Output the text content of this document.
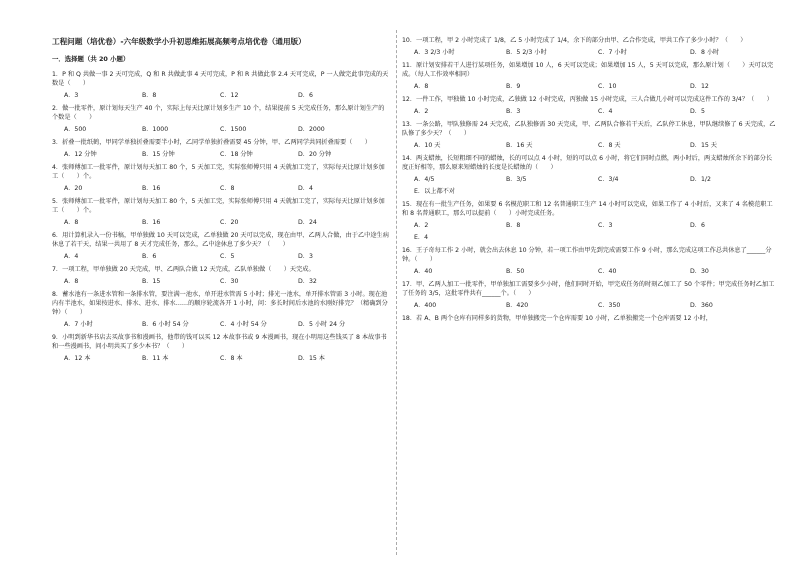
工程问题（培优卷）-六年级数学小升初思维拓展高频考点培优卷（通用版）
一．选择题（共 20 小题）
1．P 和 Q 共做一事 2 天可完成，Q 和 R 共做此事 4 天可完成，P 和 R 共做此事 2.4 天可完成，P 一人做完此事完成的天数是（　　）
A．3	B．8	C．12	D．6
2．做一批零件，原计划每天生产 40 个，实际上每天比原计划多生产 10 个，结果提前 5 天完成任务，那么原计划生产的个数是（　　）
A．500	B．1000	C．1500	D．2000
3．折叠一批纸鹤，甲同学单独折叠需要半小时，乙同学单独折叠需要 45 分钟，甲、乙两同学共同折叠需要（　　）
A．12 分钟	B．15 分钟	C．18 分钟	D．20 分钟
4．张师傅加工一批零件，原计划每天加工 80 个，5 天加工完，实际张师傅只用 4 天就加工完了，实际每天比原计划多加工（　　）个。
A．20	B．16	C．8	D．4
5．张师傅加工一批零件，原计划每天加工 80 个，5 天加工完，实际张师傅只用 4 天就加工完了，实际每天比原计划多加工（　　）个。
A．8	B．16	C．20	D．24
6．用计算机录入一份书稿，甲单独做 10 天可以完成，乙单独做 20 天可以完成，现在由甲、乙两人合做，由于乙中途生病休息了若干天，结果一共用了 8 天才完成任务，那么，乙中途休息了多少天？（　　）
A．4	B．6	C．5	D．3
7．一项工程，甲单独做 20 天完成，甲、乙两队合做 12 天完成，乙队单独做（　　）天完成。
A．8	B．15	C．30	D．32
8．蓄水池有一条进水管和一条排水管，要注满一池水，单开进水管需 5 小时；排光一池水，单开排水管需 3 小时。现在池内有半池水，如果按进水、排水、进水、排水……的顺序轮流各开 1 小时，问：多长时间后水池的水刚好排完？（精确到分钟）（　　）
A．7 小时	B．6 小时 54 分	C．4 小时 54 分	D．5 小时 24 分
9．小明到新华书店去买故事书和漫画书，他带的钱可以买 12 本故事书或 9 本漫画书，现在小明用这些钱买了 8 本故事书和一些漫画书，问小明共买了多少本书？（　　）
A．12 本	B．11 本	C．8 本	D．15 本
10．一项工程，甲 2 小时完成了 1/8，乙 5 小时完成了 1/4，余下的部分由甲、乙合作完成，甲共工作了多少小时？（　　）
A．3 2/3 小时	B．5 2/3 小时	C．7 小时	D．8 小时
11．原计划安排若干人进行某项任务，如果增加 10 人，6 天可以完成；如果增加 15 人，5 天可以完成，那么原计划（　　）天可以完成。（每人工作效率相同）
A．8	B．9	C．10	D．12
12．一件工作，甲独做 10 小时完成，乙独做 12 小时完成，丙独做 15 小时完成，三人合做几小时可以完成这件工作的 3/4？（　　）
A．2	B．3	C．4	D．5
13．一条公路，甲队独修需 24 天完成，乙队独修需 30 天完成，甲、乙两队合修若干天后，乙队停工休息，甲队继续修了 6 天完成，乙队修了多少天？（　　）
A．10 天	B．16 天	C．8 天	D．15 天
14．两支蜡烛，长短粗细不同的蜡烛，长的可以点 4 小时，短的可以点 6 小时，将它们同时点燃，两小时后，两支蜡烛所余下的部分长度正好相等，那么原来短蜡烛的长度是长蜡烛的（　　）
A．4/5	B．3/5	C．3/4	D．1/2
E．以上都不对
15．现在有一批生产任务，如果要 6 名模范职工和 12 名普通职工生产 14 小时可以完成，如果工作了 4 小时后，又来了 4 名模范职工和 8 名普通职工，那么可以提前（　　）小时完成任务。
A．2	B．8	C．3	D．6
E．4
16．王子奇每工作 2 小时，就会出去休息 10 分钟，若一项工作由甲先到完成需要工作 9 小时，那么完成这项工作总共休息了______分钟。（　　）
A．40	B．50	C．40	D．30
17．甲、乙两人加工一批零件，甲单独加工需要多少小时，他们同时开始，甲完成任务的时刻乙加工了 50 个零件；甲完成任务时乙加工了任务的 3/5，这批零件共有______个。（　　）
A．400	B．420	C．350	D．360
18．若 A、B 两个仓库有同样多的货物，甲单独搬完一个仓库需要 10 小时，乙单独搬完一个仓库需要 12 小时，
